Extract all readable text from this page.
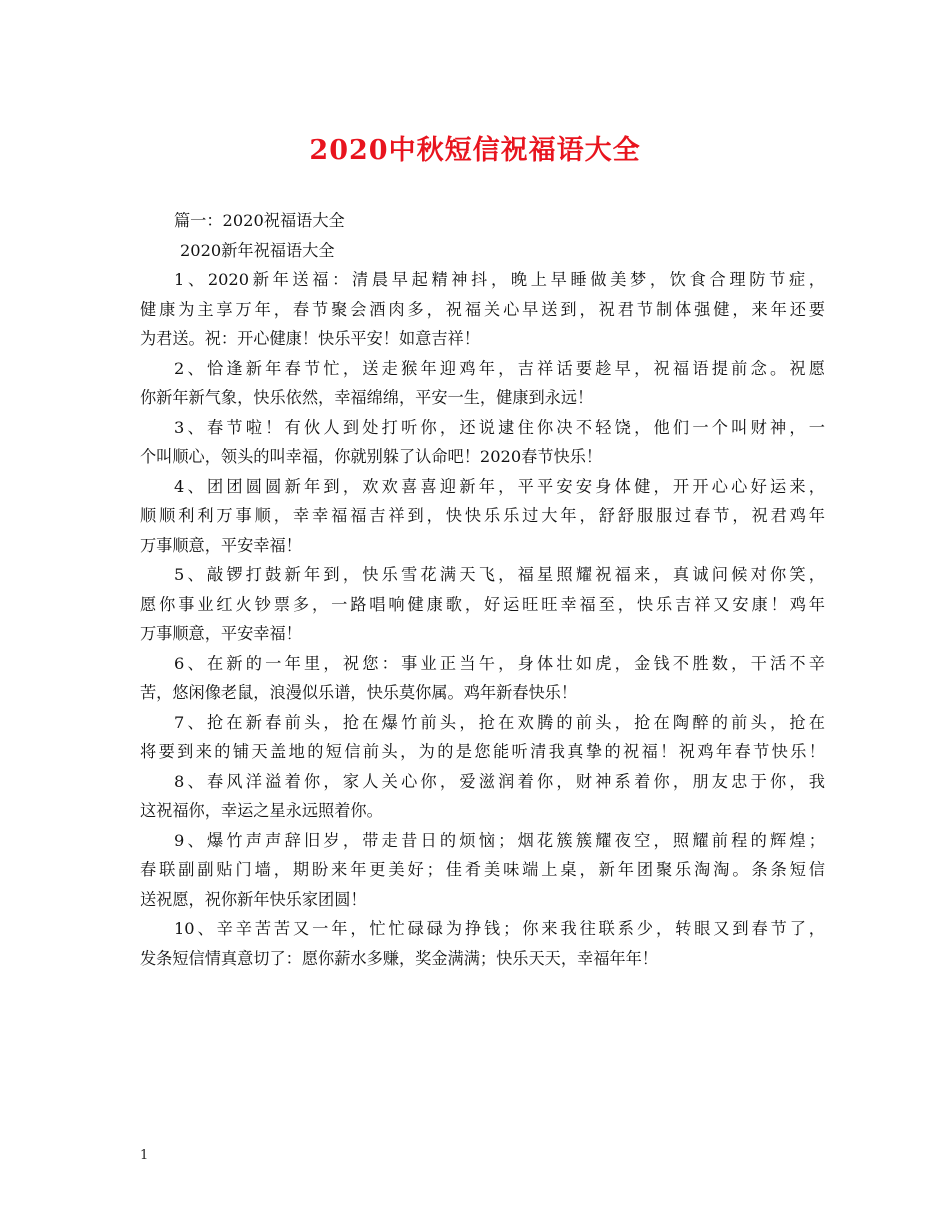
2020中秋短信祝福语大全

篇一：2020祝福语大全

2020新年祝福语大全

1、2020新年送福：清晨早起精神抖，晚上早睡做美梦，饮食合理防节症，

健康为主享万年，春节聚会酒肉多，祝福关心早送到，祝君节制体强健，来年还要

为君送。祝：开心健康！快乐平安！如意吉祥！

2、恰逢新年春节忙，送走猴年迎鸡年，吉祥话要趁早，祝福语提前念。祝愿

你新年新气象，快乐依然，幸福绵绵，平安一生，健康到永远！

3、春节啦！有伙人到处打听你，还说逮住你决不轻饶，他们一个叫财神，一

个叫顺心，领头的叫幸福，你就别躲了认命吧！2020春节快乐！

4、团团圆圆新年到，欢欢喜喜迎新年，平平安安身体健，开开心心好运来，

顺顺利利万事顺，幸幸福福吉祥到，快快乐乐过大年，舒舒服服过春节，祝君鸡年

万事顺意，平安幸福！

5、敲锣打鼓新年到，快乐雪花满天飞，福星照耀祝福来，真诚问候对你笑，

愿你事业红火钞票多，一路唱响健康歌，好运旺旺幸福至，快乐吉祥又安康！鸡年

万事顺意，平安幸福！

6、在新的一年里，祝您：事业正当午，身体壮如虎，金钱不胜数，干活不辛

苦，悠闲像老鼠，浪漫似乐谱，快乐莫你属。鸡年新春快乐！

7、抢在新春前头，抢在爆竹前头，抢在欢腾的前头，抢在陶醉的前头，抢在

将要到来的铺天盖地的短信前头，为的是您能听清我真挚的祝福！祝鸡年春节快乐！

8、春风洋溢着你，家人关心你，爱滋润着你，财神系着你，朋友忠于你，我

这祝福你，幸运之星永远照着你。

9、爆竹声声辞旧岁，带走昔日的烦恼；烟花簇簇耀夜空，照耀前程的辉煌；

春联副副贴门墙，期盼来年更美好；佳肴美味端上桌，新年团聚乐淘淘。条条短信

送祝愿，祝你新年快乐家团圆！

10、辛辛苦苦又一年，忙忙碌碌为挣钱；你来我往联系少，转眼又到春节了，

发条短信情真意切了：愿你薪水多赚，奖金满满；快乐天天，幸福年年！

1
